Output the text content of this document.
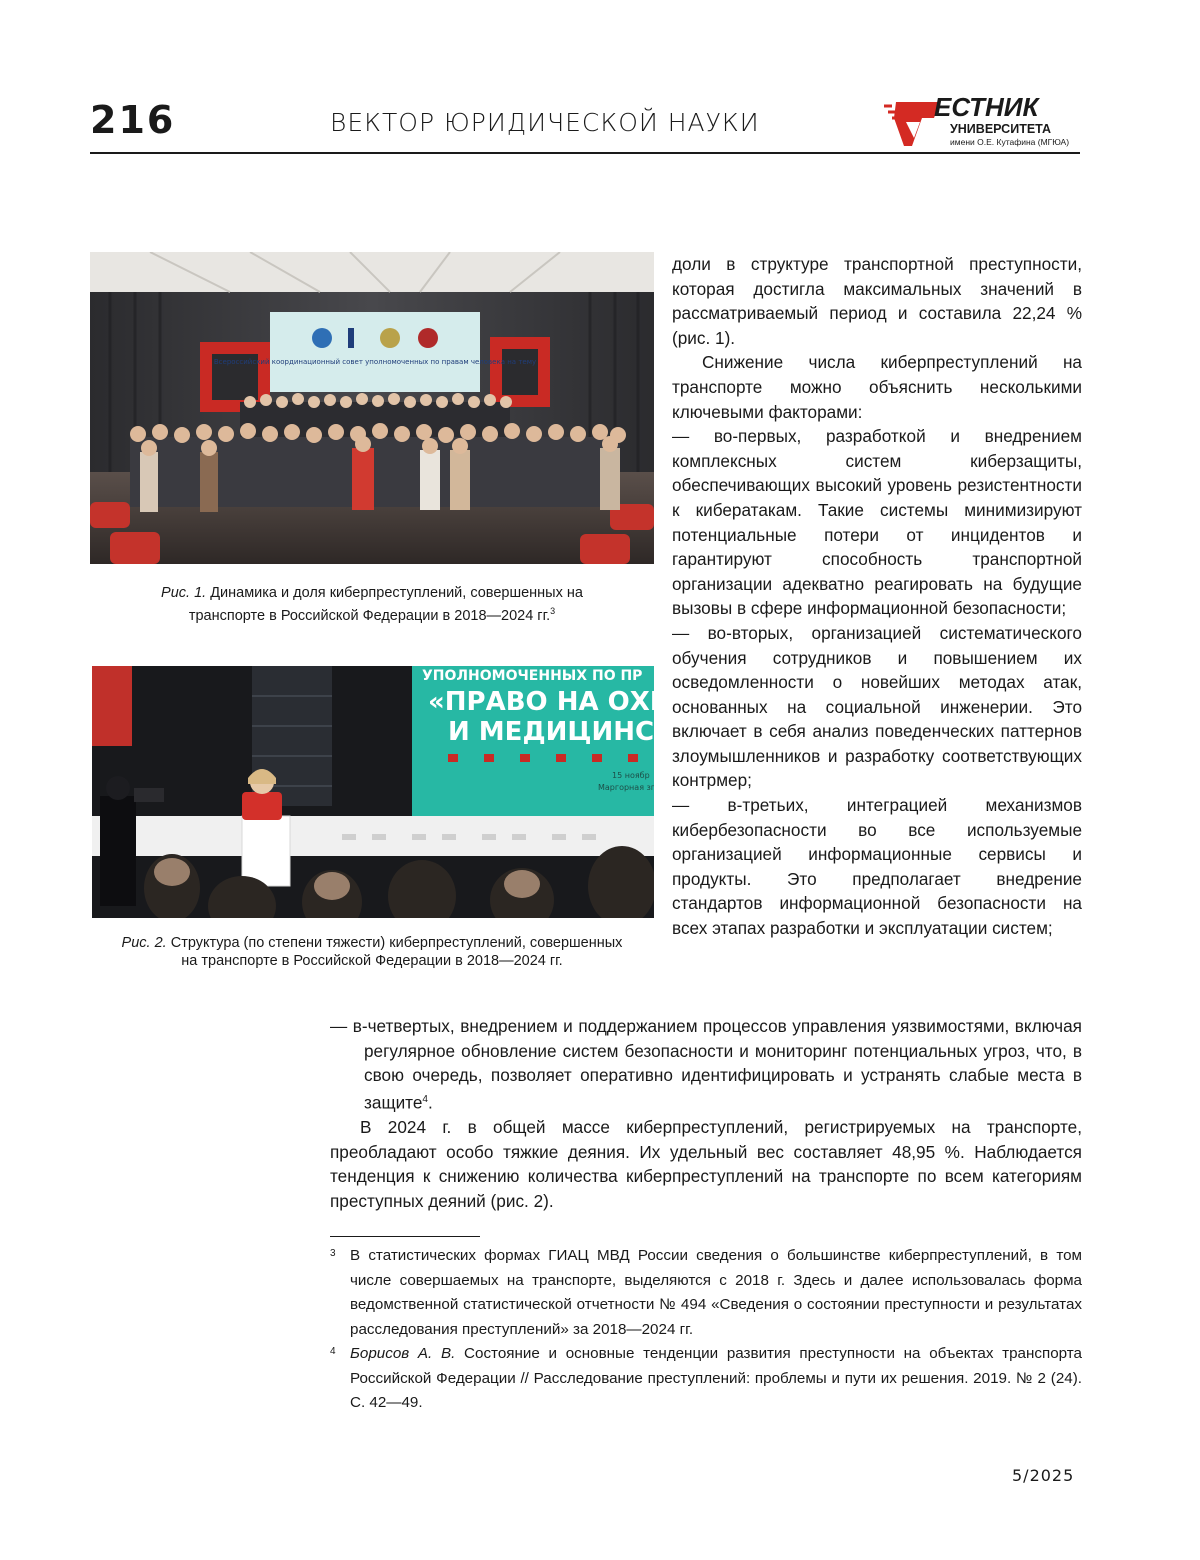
216	ВЕКТОР ЮРИДИЧЕСКОЙ НАУКИ
ЕСТНИК
УНИВЕРСИТЕТА
имени О.Е. Кутафина (МГЮА)
Всероссийский координационный совет уполномоченных по правам человека на тему
Рис. 1. Динамика и доля киберпреступлений, совершенных на транспорте в Российской Федерации в 2018—2024 гг.3
УПОЛНОМОЧЕННЫХ ПО ПР
«ПРАВО НА ОХР
И МЕДИЦИНСК
15 ноябр
Маргорная зг
Рис. 2. Структура (по степени тяжести) киберпреступлений, совершенных на транспорте в Российской Федерации в 2018—2024 гг.

доли в структуре транспортной преступности, которая достигла максимальных значений в рассматриваемый период и составила 22,24 % (рис. 1).

Снижение числа киберпреступлений на транспорте можно объяснить несколькими ключевыми факторами:

— во-первых, разработкой и внедрением комплексных систем киберзащиты, обеспечивающих высокий уровень резистентности к кибератакам. Такие системы минимизируют потенциальные потери от инцидентов и гарантируют способность транспортной организации адекватно реагировать на будущие вызовы в сфере информационной безопасности;

— во-вторых, организацией систематического обучения сотрудников и повышением их осведомленности о новейших методах атак, основанных на социальной инженерии. Это включает в себя анализ поведенческих паттернов злоумышленников и разработку соответствующих контрмер;

— в-третьих, интеграцией механизмов кибербезопасности во все используемые организацией информационные сервисы и продукты. Это предполагает внедрение стандартов информационной безопасности на всех этапах разработки и эксплуатации систем;

— в-четвертых, внедрением и поддержанием процессов управления уязвимостями, включая регулярное обновление систем безопасности и мониторинг потенциальных угроз, что, в свою очередь, позволяет оперативно идентифицировать и устранять слабые места в защите4.

В 2024 г. в общей массе киберпреступлений, регистрируемых на транспорте, преобладают особо тяжкие деяния. Их удельный вес составляет 48,95 %. Наблюдается тенденция к снижению количества киберпреступлений на транспорте по всем категориям преступных деяний (рис. 2).

3 В статистических формах ГИАЦ МВД России сведения о большинстве киберпреступлений, в том числе совершаемых на транспорте, выделяются с 2018 г. Здесь и далее использовалась форма ведомственной статистической отчетности № 494 «Сведения о состоянии преступности и результатах расследования преступлений» за 2018—2024 гг.

4 Борисов А. В. Состояние и основные тенденции развития преступности на объектах транспорта Российской Федерации // Расследование преступлений: проблемы и пути их решения. 2019. № 2 (24). С. 42—49.

5/2025
